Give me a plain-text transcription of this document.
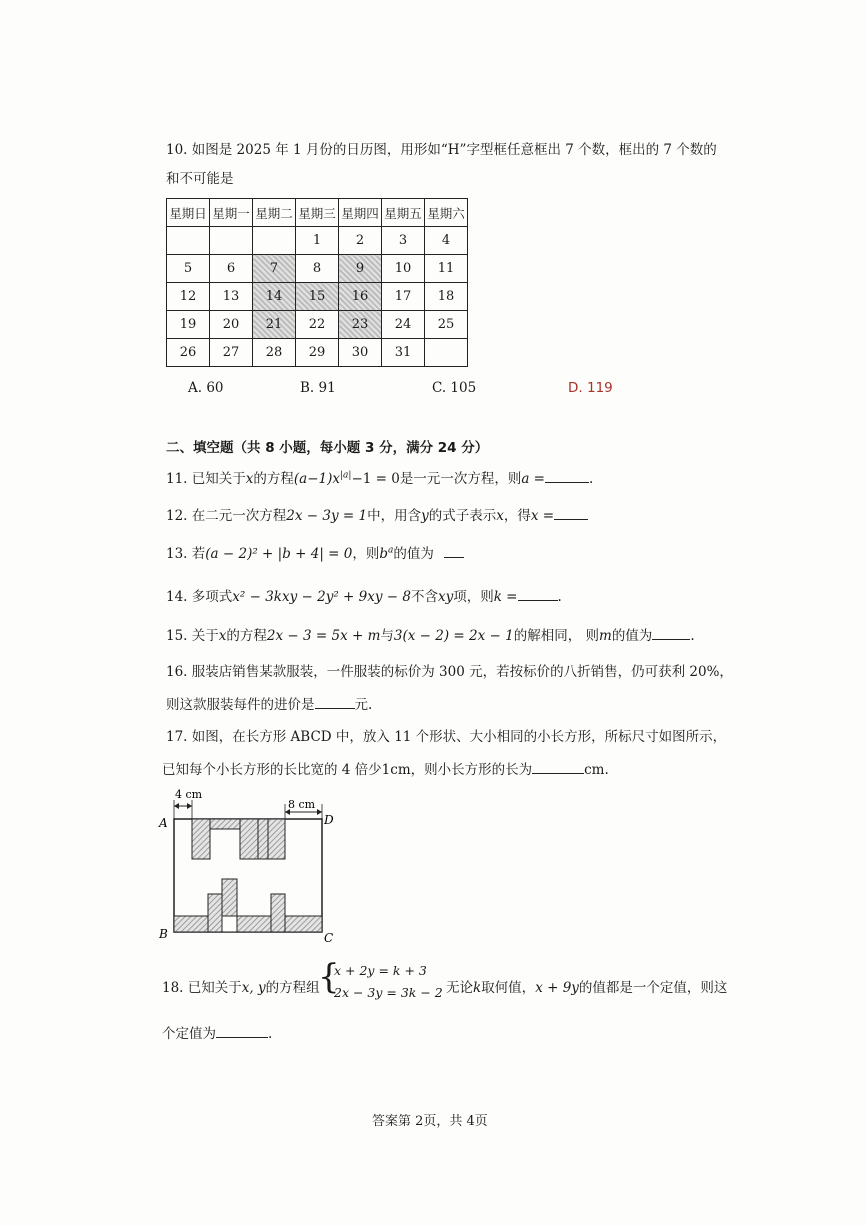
10. 如图是 2025 年 1 月份的日历图，用形如“H”字型框任意框出 7 个数，框出的 7 个数的
和不可能是
星期日	星期一	星期二	星期三	星期四	星期五	星期六
			1	2	3	4
5	6	7	8	9	10	11
12	13	14	15	16	17	18
19	20	21	22	23	24	25
26	27	28	29	30	31	
A. 60	B. 91	C. 105	D. 119
二、填空题（共 8 小题，每小题 3 分，满分 24 分）
11. 已知关于x的方程$(a-1)x^{|a|}-1 = 0$是一元一次方程，则a =	.
12. 在二元一次方程2x − 3y = 1中，用含y的式子表示x，得x =
13. 若(a − 2)² + |b + 4| = 0，则$b^a$的值为
14. 多项式x² − 3kxy − 2y² + 9xy − 8不含xy项，则k =	.
15. 关于x的方程2x − 3 = 5x + m与3(x − 2) = 2x − 1的解相同， 则m的值为	.
16. 服装店销售某款服装，一件服装的标价为 300 元，若按标价的八折销售，仍可获利 20%，
则这款服装每件的进价是	元.
17. 如图，在长方形 ABCD 中，放入 11 个形状、大小相同的小长方形，所标尺寸如图所示，
已知每个小长方形的长比宽的 4 倍少1cm，则小长方形的长为	cm.
4 cm
8 cm
A	D
B	C
18. 已知关于x, y的方程组
{
x + 2y = k + 3
2x − 3y = 3k − 2 无论k取何值，x + 9y的值都是一个定值，则这
个定值为	.
答案第 2页，共 4页
